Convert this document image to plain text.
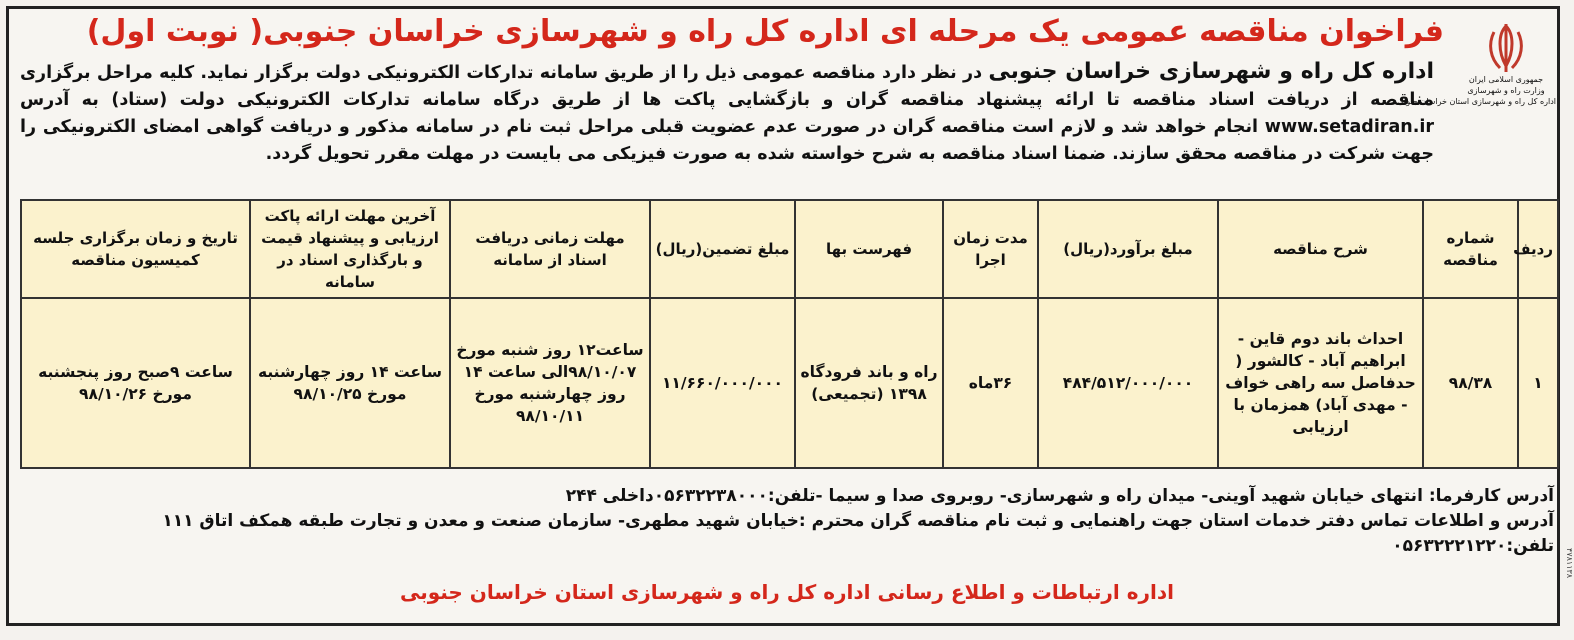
فراخوان مناقصه عمومی یک مرحله ای اداره کل راه و شهرسازی خراسان جنوبی( نوبت اول)
جمهوری اسلامی ایران
وزارت راه و شهرسازی
اداره کل راه و شهرسازی استان خراسان جنوبی
اداره کل راه و شهرسازی خراسان جنوبی در نظر دارد مناقصه عمومی ذیل را از طریق سامانه تدارکات الکترونیکی دولت برگزار نماید. کلیه مراحل برگزاری مناقصه از دریافت اسناد مناقصه تا ارائه پیشنهاد مناقصه گران و بازگشایی پاکت ها از طریق درگاه سامانه تدارکات الکترونیکی دولت (ستاد) به آدرس www.setadiran.ir انجام خواهد شد و لازم است مناقصه گران در صورت عدم عضویت قبلی مراحل ثبت نام در سامانه مذکور و دریافت گواهی امضای الکترونیکی را جهت شرکت در مناقصه محقق سازند. ضمنا اسناد مناقصه به شرح خواسته شده به صورت فیزیکی می بایست در مهلت مقرر تحویل گردد.
ردیف	شماره مناقصه	شرح مناقصه	مبلغ برآورد(ریال)	مدت زمان اجرا	فهرست بها	مبلغ تضمین(ریال)	مهلت زمانی دریافت اسناد از سامانه	آخرین مهلت ارائه پاکت ارزیابی و پیشنهاد قیمت و بارگذاری اسناد در سامانه	تاریخ و زمان برگزاری جلسه کمیسیون مناقصه
۱	۹۸/۳۸	احداث باند دوم قاین - ابراهیم آباد - کالشور ( حدفاصل سه راهی خواف - مهدی آباد) همزمان با ارزیابی	۴۸۴/۵۱۲/۰۰۰/۰۰۰	۳۶ماه	راه و باند فرودگاه ۱۳۹۸ (تجمیعی)	۱۱/۶۶۰/۰۰۰/۰۰۰	ساعت۱۲ روز شنبه مورخ ۹۸/۱۰/۰۷الی ساعت ۱۴ روز چهارشنبه مورخ ۹۸/۱۰/۱۱	ساعت ۱۴ روز چهارشنبه مورخ ۹۸/۱۰/۲۵	ساعت ۹صبح روز پنجشنبه مورخ ۹۸/۱۰/۲۶
آدرس کارفرما: انتهای خیابان شهید آوینی- میدان راه و شهرسازی- روبروی صدا و سیما -تلفن:۰۵۶۳۲۲۳۸۰۰۰داخلی ۲۴۴
آدرس و اطلاعات تماس دفتر خدمات استان جهت راهنمایی و ثبت نام مناقصه گران محترم :خیابان شهید مطهری- سازمان صنعت و معدن و تجارت طبقه همکف اتاق ۱۱۱
تلفن:۰۵۶۳۲۲۲۱۲۲۰
اداره ارتباطات و اطلاع رسانی اداره کل راه و شهرسازی استان خراسان جنوبی
۴۷۸۱۱۳۸
